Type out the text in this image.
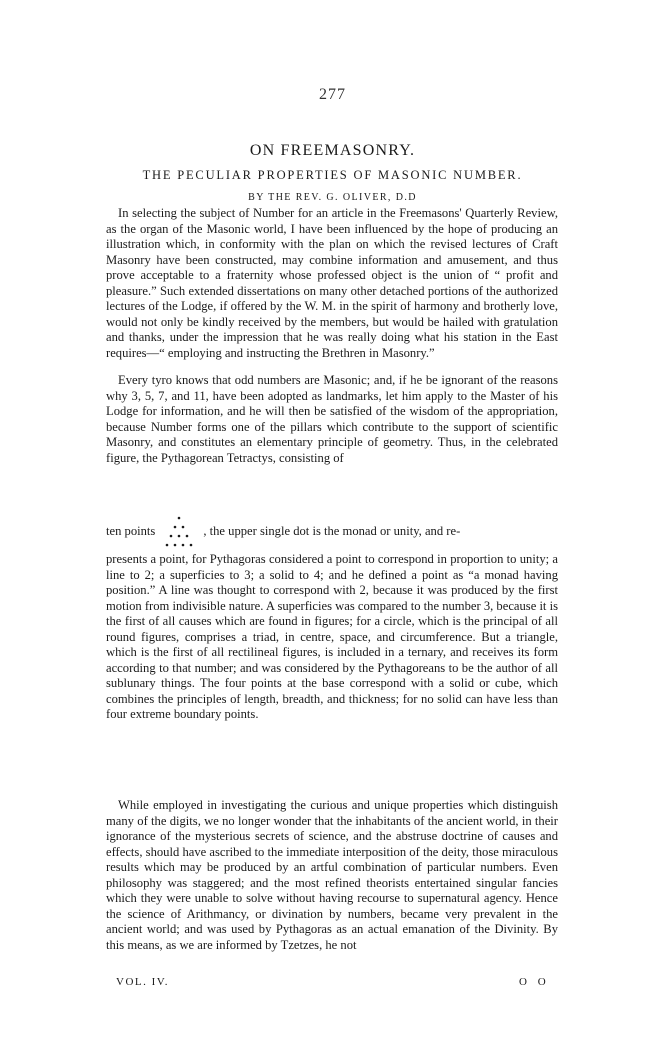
277
ON FREEMASONRY.
THE PECULIAR PROPERTIES OF MASONIC NUMBER.
BY THE REV. G. OLIVER, D.D
In selecting the subject of Number for an article in the Freemasons' Quarterly Review, as the organ of the Masonic world, I have been influenced by the hope of producing an illustration which, in conformity with the plan on which the revised lectures of Craft Masonry have been constructed, may combine information and amusement, and thus prove acceptable to a fraternity whose professed object is the union of “ profit and pleasure.” Such extended dissertations on many other detached portions of the authorized lectures of the Lodge, if offered by the W. M. in the spirit of harmony and brotherly love, would not only be kindly received by the members, but would be hailed with gratulation and thanks, under the impression that he was really doing what his station in the East requires—“ employing and instructing the Brethren in Masonry.”
Every tyro knows that odd numbers are Masonic; and, if he be ignorant of the reasons why 3, 5, 7, and 11, have been adopted as landmarks, let him apply to the Master of his Lodge for information, and he will then be satisfied of the wisdom of the appropriation, because Number forms one of the pillars which contribute to the support of scientific Masonry, and constitutes an elementary principle of geometry. Thus, in the celebrated figure, the Pythagorean Tetractys, consisting of
ten points	, the upper single dot is the monad or unity, and re-
presents a point, for Pythagoras considered a point to correspond in proportion to unity; a line to 2; a superficies to 3; a solid to 4; and he defined a point as “a monad having position.” A line was thought to correspond with 2, because it was produced by the first motion from indivisible nature. A superficies was compared to the number 3, because it is the first of all causes which are found in figures; for a circle, which is the principal of all round figures, comprises a triad, in centre, space, and circumference. But a triangle, which is the first of all rectilineal figures, is included in a ternary, and receives its form according to that number; and was considered by the Pythagoreans to be the author of all sublunary things. The four points at the base correspond with a solid or cube, which combines the principles of length, breadth, and thickness; for no solid can have less than four extreme boundary points.
While employed in investigating the curious and unique properties which distinguish many of the digits, we no longer wonder that the inhabitants of the ancient world, in their ignorance of the mysterious secrets of science, and the abstruse doctrine of causes and effects, should have ascribed to the immediate interposition of the deity, those miraculous results which may be produced by an artful combination of particular numbers. Even philosophy was staggered; and the most refined theorists entertained singular fancies which they were unable to solve without having recourse to supernatural agency. Hence the science of Arithmancy, or divination by numbers, became very prevalent in the ancient world; and was used by Pythagoras as an actual emanation of the Divinity. By this means, as we are informed by Tzetzes, he not
VOL. IV.	O O
